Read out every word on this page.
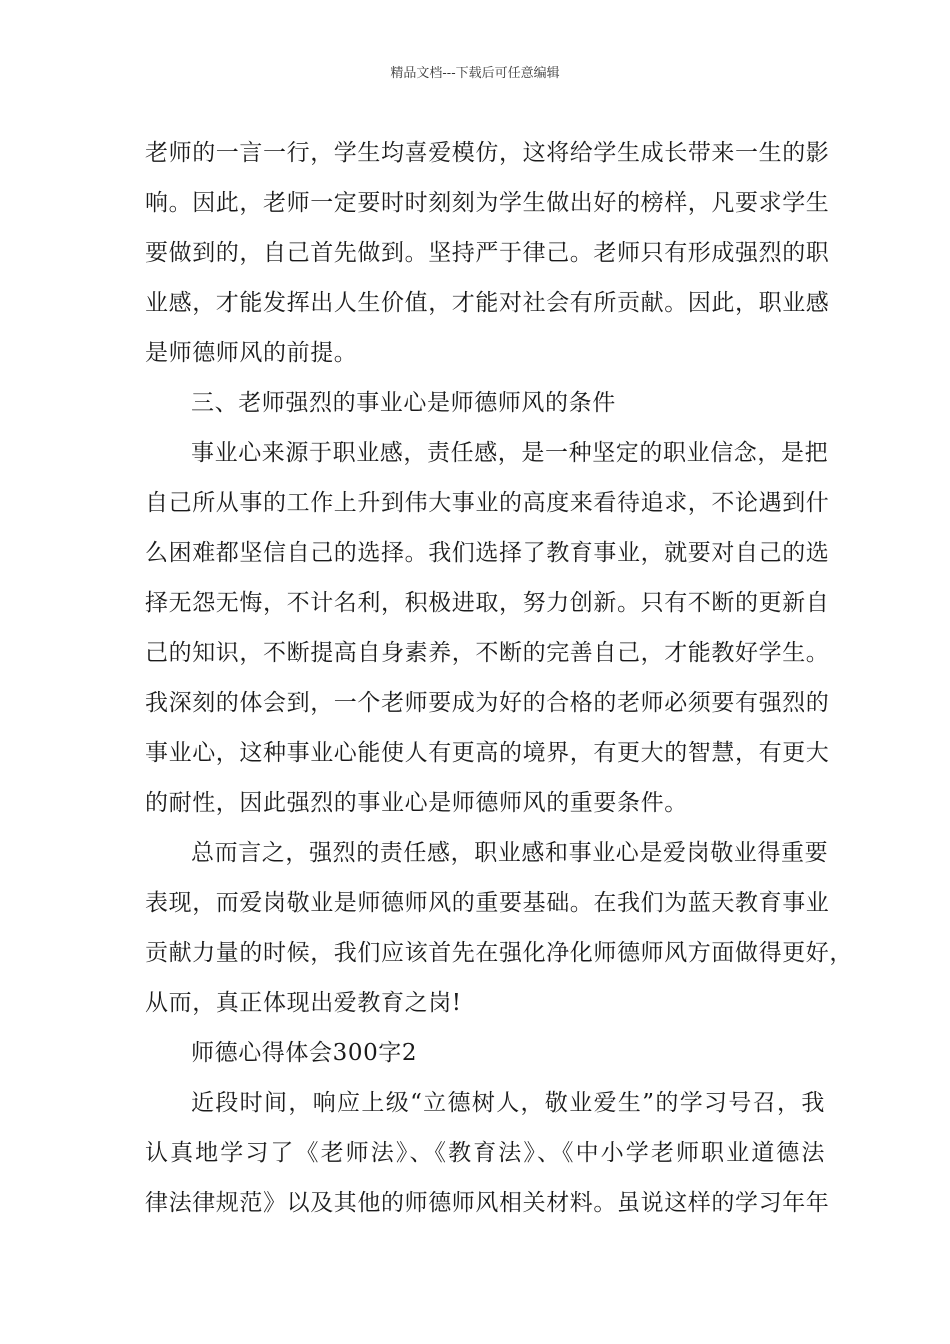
精品文档---下载后可任意编辑
老师的一言一行，学生均喜爱模仿，这将给学生成长带来一生的影
响。因此，老师一定要时时刻刻为学生做出好的榜样，凡要求学生
要做到的，自己首先做到。坚持严于律己。老师只有形成强烈的职
业感，才能发挥出人生价值，才能对社会有所贡献。因此，职业感
是师德师风的前提。
三、老师强烈的事业心是师德师风的条件
事业心来源于职业感，责任感，是一种坚定的职业信念，是把
自己所从事的工作上升到伟大事业的高度来看待追求，不论遇到什
么困难都坚信自己的选择。我们选择了教育事业，就要对自己的选
择无怨无悔，不计名利，积极进取，努力创新。只有不断的更新自
己的知识，不断提高自身素养，不断的完善自己，才能教好学生。
我深刻的体会到，一个老师要成为好的合格的老师必须要有强烈的
事业心，这种事业心能使人有更高的境界，有更大的智慧，有更大
的耐性，因此强烈的事业心是师德师风的重要条件。
总而言之，强烈的责任感，职业感和事业心是爱岗敬业得重要
表现，而爱岗敬业是师德师风的重要基础。在我们为蓝天教育事业
贡献力量的时候，我们应该首先在强化净化师德师风方面做得更好，
从而，真正体现出爱教育之岗!
师德心得体会300字2
近段时间，响应上级“立德树人，敬业爱生”的学习号召，我
认真地学习了《老师法》、《教育法》、《中小学老师职业道德法
律法律规范》以及其他的师德师风相关材料。虽说这样的学习年年
